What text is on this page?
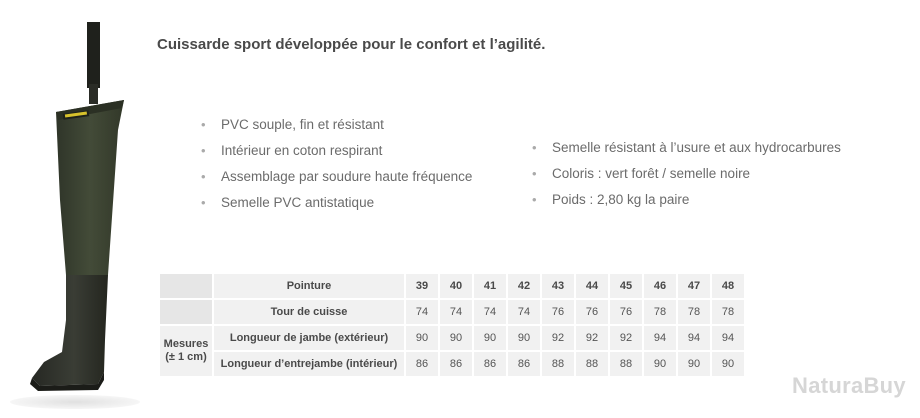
Cuissarde sport développée pour le confort et l’agilité.
• PVC souple, fin et résistant
• Intérieur en coton respirant
• Assemblage par soudure haute fréquence
• Semelle PVC antistatique
• Semelle résistant à l’usure et aux hydrocarbures
• Coloris : vert forêt / semelle noire
• Poids : 2,80 kg la paire
	Pointure	39	40	41	42	43	44	45	46	47	48
	Tour de cuisse	74	74	74	74	76	76	76	78	78	78
Mesures
(± 1 cm)	Longueur de jambe (extérieur)	90	90	90	90	92	92	92	94	94	94
	Longueur d’entrejambe (intérieur)	86	86	86	86	88	88	88	90	90	90
NaturaBuy
